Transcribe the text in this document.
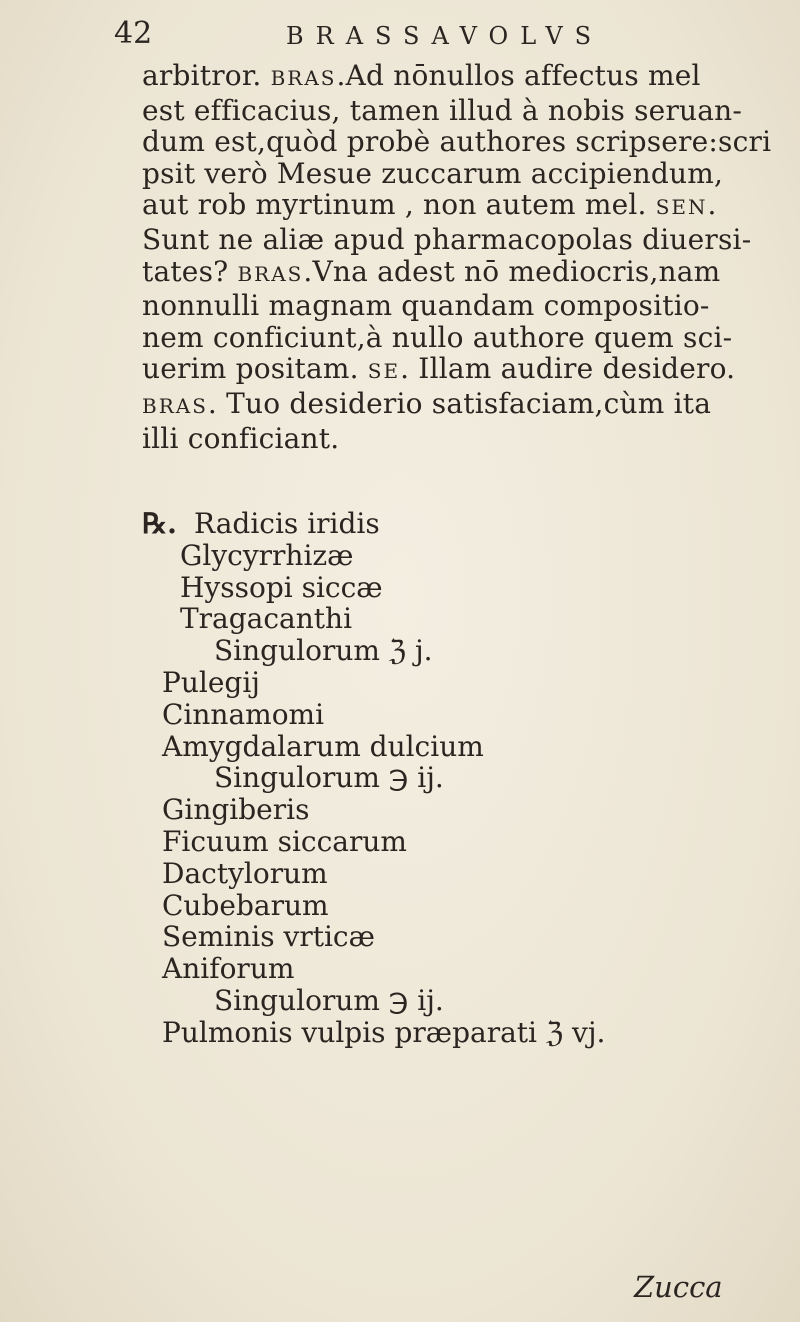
42	BRASSAVOLVS
arbitror. BRAS.Ad nōnullos affectus mel
est efficacius, tamen illud à nobis seruan-
dum est,quòd probè authores scripsere:scri
psit verò Mesue zuccarum accipiendum,
aut rob myrtinum , non autem mel. SEN.
Sunt ne aliæ apud pharmacopolas diuersi-
tates? BRAS.Vna adest nō mediocris,nam
nonnulli magnam quandam compositio-
nem conficiunt,à nullo authore quem sci-
uerim positam. SE. Illam audire desidero.
BRAS. Tuo desiderio satisfaciam,cùm ita
illi conficiant.
℞. Radicis iridis
Glycyrrhizæ
Hyssopi siccæ
Tragacanthi
Singulorum ℨ j.
Pulegij
Cinnamomi
Amygdalarum dulcium
Singulorum ℈ ij.
Gingiberis
Ficuum siccarum
Dactylorum
Cubebarum
Seminis vrticæ
Aniforum
Singulorum ℈ ij.
Pulmonis vulpis præparati ℨ vj.
Zucca
